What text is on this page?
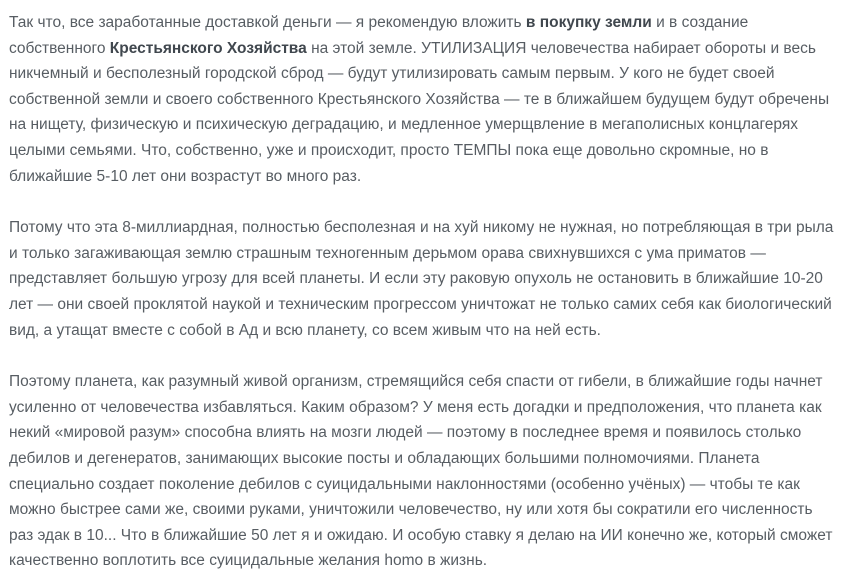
Так что, все заработанные доставкой деньги — я рекомендую вложить в покупку земли и в создание
собственного Крестьянского Хозяйства на этой земле. УТИЛИЗАЦИЯ человечества набирает обороты и весь
никчемный и бесполезный городской сброд — будут утилизировать самым первым. У кого не будет своей
собственной земли и своего собственного Крестьянского Хозяйства — те в ближайшем будущем будут обречены
на нищету, физическую и психическую деградацию, и медленное умерщвление в мегаполисных концлагерях
целыми семьями. Что, собственно, уже и происходит, просто ТЕМПЫ пока еще довольно скромные, но в
ближайшие 5-10 лет они возрастут во много раз.
Потому что эта 8-миллиардная, полностью бесполезная и на хуй никому не нужная, но потребляющая в три рыла
и только загаживающая землю страшным техногенным дерьмом орава свихнувшихся с ума приматов —
представляет большую угрозу для всей планеты. И если эту раковую опухоль не остановить в ближайшие 10-20
лет — они своей проклятой наукой и техническим прогрессом уничтожат не только самих себя как биологический
вид, а утащат вместе с собой в Ад и всю планету, со всем живым что на ней есть.
Поэтому планета, как разумный живой организм, стремящийся себя спасти от гибели, в ближайшие годы начнет
усиленно от человечества избавляться. Каким образом? У меня есть догадки и предположения, что планета как
некий «мировой разум» способна влиять на мозги людей — поэтому в последнее время и появилось столько
дебилов и дегенератов, занимающих высокие посты и обладающих большими полномочиями. Планета
специально создает поколение дебилов с суицидальными наклонностями (особенно учёных) — чтобы те как
можно быстрее сами же, своими руками, уничтожили человечество, ну или хотя бы сократили его численность
раз эдак в 10... Что в ближайшие 50 лет я и ожидаю. И особую ставку я делаю на ИИ конечно же, который сможет
качественно воплотить все суицидальные желания homo в жизнь.
